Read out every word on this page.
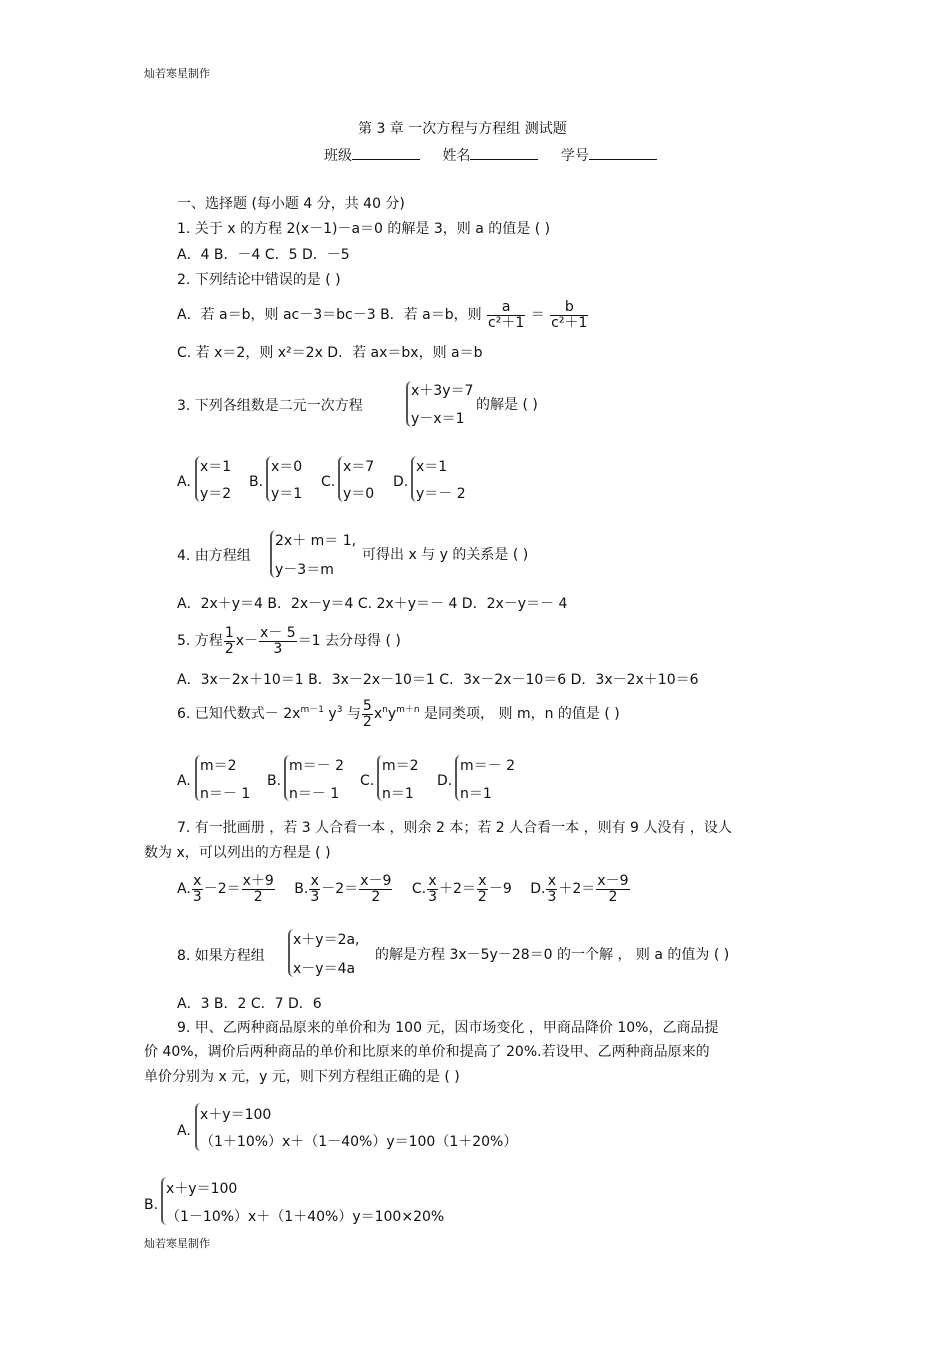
灿若寒星制作
灿若寒星制作
第 3 章 一次方程与方程组 测试题
班级	姓名	学号
一、选择题 (每小题 4 分，共 40 分)
1. 关于 x 的方程 2(x－1)－a＝0 的解是 3，则 a 的值是 ( )
A．4 B．－4 C．5 D．－5
2. 下列结论中错误的是 ( )
A．若 a＝b，则 ac－3＝bc－3 B．若 a＝b，则 $\frac{a}{\text{c²＋1}} = \frac{b}{\text{c²＋1}}$
C. 若 x＝2，则 x²＝2x D．若 ax＝bx，则 a＝b
3. 下列各组数是二元一次方程
x＋3y＝7
y－x＝1
的解是 ( )
A.
x＝1
y＝2
B.
x＝0
y＝1
C.
x＝7
y＝0
D.
x＝1
y＝－ 2
4. 由方程组
2x＋ m＝ 1,
y－3＝m
可得出 x 与 y 的关系是 ( )
A．2x＋y＝4 B．2x－y＝4 C. 2x＋y＝－ 4 D．2x－y＝－ 4
5. 方程 $\frac{1}{2} x- \frac{x- 5}{3} =1$ 去分母得 ( )
A．3x－2x＋10＝1 B．3x－2x－10＝1 C．3x－2x－10＝6 D．3x－2x＋10＝6
6. 已知代数式－ $2x^{m-1}$ $y^3$ 与 $\frac{5}{2} x^ny^{m+n}$ 是同类项， 则 m，n 的值是 ( )
A.
m＝2
n＝－ 1
B.
m＝－ 2
n＝－ 1
C.
m＝2
n＝1
D.
m＝－ 2
n＝1
7. 有一批画册 ，若 3 人合看一本 ，则余 2 本；若 2 人合看一本 ，则有 9 人没有 ，设人
数为 x，可以列出的方程是 ( )
A. $\frac{x}{3} -2= \frac{x+9}{2} B$. $\frac{x}{3} -2= \frac{x-9}{2} C$. $\frac{x}{3} +2= \frac{x}{2} -9$ D. $\frac{x}{3} +2= \frac{x-9}{2}$
8. 如果方程组
x＋y＝2a,
x－y＝4a
的解是方程 3x－5y－28＝0 的一个解 ， 则 a 的值为 ( )
A．3 B．2 C．7 D．6
9. 甲、乙两种商品原来的单价和为 100 元，因市场变化 ，甲商品降价 10%，乙商品提
价 40%，调价后两种商品的单价和比原来的单价和提高了 20%.若设甲、乙两种商品原来的
单价分别为 x 元，y 元，则下列方程组正确的是 ( )
A.
x＋y＝100
（1＋10%）x＋（1－40%）y＝100（1＋20%）
B.
x＋y＝100
（1－10%）x＋（1＋40%）y＝100×20%
